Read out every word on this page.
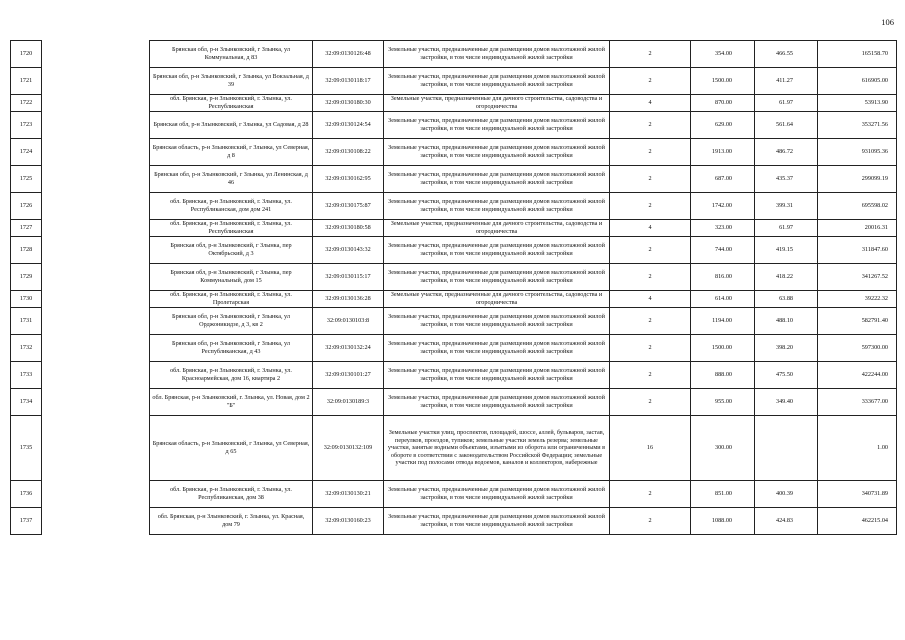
106
1720		Брянская обл, р-н Злынковский, г Злынка, ул Коммунальная, д 83	32:09:0130126:48	Земельные участки, предназначенные для размещения домов малоэтажной жилой застройки, в том числе индивидуальной жилой застройки	2	354.00	466.55	165158.70
1721		Брянская обл, р-н Злынковский, г Злынка, ул Вокзальная, д 39	32:09:0130118:17	Земельные участки, предназначенные для размещения домов малоэтажной жилой застройки, в том числе индивидуальной жилой застройки	2	1500.00	411.27	616905.00
1722		обл. Брянская, р-н Злынковский, г. Злынка, ул. Республиканская	32:09:0130180:30	Земельные участки, предназначенные для дачного строительства, садоводства и огородничества	4	870.00	61.97	53913.90
1723		Брянская обл, р-н Злынковский, г Злынка, ул Садовая, д 28	32:09:0130124:54	Земельные участки, предназначенные для размещения домов малоэтажной жилой застройки, в том числе индивидуальной жилой застройки	2	629.00	561.64	353271.56
1724		Брянская область, р-н Злынковский, г Злынка, ул Северная, д 8	32:09:0130108:22	Земельные участки, предназначенные для размещения домов малоэтажной жилой застройки, в том числе индивидуальной жилой застройки	2	1913.00	486.72	931095.36
1725		Брянская обл, р-н Злынковский, г Злынка, ул Ленинская, д 46	32:09:0130162:95	Земельные участки, предназначенные для размещения домов малоэтажной жилой застройки, в том числе индивидуальной жилой застройки	2	687.00	435.37	299099.19
1726		обл. Брянская, р-н Злынковский, г. Злынка, ул. Республиканская, дом дом 241	32:09:0130175:87	Земельные участки, предназначенные для размещения домов малоэтажной жилой застройки, в том числе индивидуальной жилой застройки	2	1742.00	399.31	695598.02
1727		обл. Брянская, р-н Злынковский, г. Злынка, ул. Республиканская	32:09:0130180:58	Земельные участки, предназначенные для дачного строительства, садоводства и огородничества	4	323.00	61.97	20016.31
1728		Брянская обл, р-н Злынковский, г Злынка, пер Октябрьский, д 3	32:09:0130143:32	Земельные участки, предназначенные для размещения домов малоэтажной жилой застройки, в том числе индивидуальной жилой застройки	2	744.00	419.15	311847.60
1729		Брянская обл, р-н Злынковский, г Злынка, пер Коммунальный, дом 15	32:09:0130115:17	Земельные участки, предназначенные для размещения домов малоэтажной жилой застройки, в том числе индивидуальной жилой застройки	2	816.00	418.22	341267.52
1730		обл. Брянская, р-н Злынковский, г. Злынка, ул. Пролетарская	32:09:0130136:28	Земельные участки, предназначенные для дачного строительства, садоводства и огородничества	4	614.00	63.88	39222.32
1731		Брянская обл, р-н Злынковский, г Злынка, ул Орджоникидзе, д 3, кв 2	32:09:0130103:8	Земельные участки, предназначенные для размещения домов малоэтажной жилой застройки, в том числе индивидуальной жилой застройки	2	1194.00	488.10	582791.40
1732		Брянская обл, р-н Злынковский, г Злынка, ул Республиканская, д 43	32:09:0130132:24	Земельные участки, предназначенные для размещения домов малоэтажной жилой застройки, в том числе индивидуальной жилой застройки	2	1500.00	398.20	597300.00
1733		обл. Брянская, р-н Злынковский, г. Злынка, ул. Красноармейская, дом 16, квартира 2	32:09:0130101:27	Земельные участки, предназначенные для размещения домов малоэтажной жилой застройки, в том числе индивидуальной жилой застройки	2	888.00	475.50	422244.00
1734		обл. Брянская, р-н Злынковский, г. Злынка, ул. Новая, дом 2 "Б"	32:09:0130189:3	Земельные участки, предназначенные для размещения домов малоэтажной жилой застройки, в том числе индивидуальной жилой застройки	2	955.00	349.40	333677.00
1735		Брянская область, р-н Злынковский, г Злынка, ул Северная, д 65	32:09:0130132:109	Земельные участки улиц, проспектов, площадей, шоссе, аллей, бульваров, застав, переулков, проездов, тупиков; земельные участки земель резерва; земельные участки, занятые водными объектами, изъятыми из оборота или ограниченными в обороте в соответствии с законодательством Российской Федерации; земельные участки под полосами отвода водоемов, каналов и коллекторов, набережные	16	300.00		1.00
1736		обл. Брянская, р-н Злынковский, г. Злынка, ул. Республиканская, дом 38	32:09:0130130:21	Земельные участки, предназначенные для размещения домов малоэтажной жилой застройки, в том числе индивидуальной жилой застройки	2	851.00	400.39	340731.89
1737		обл. Брянская, р-н Злынковский, г. Злынка, ул. Красная, дом 79	32:09:0130160:23	Земельные участки, предназначенные для размещения домов малоэтажной жилой застройки, в том числе индивидуальной жилой застройки	2	1088.00	424.83	462215.04
